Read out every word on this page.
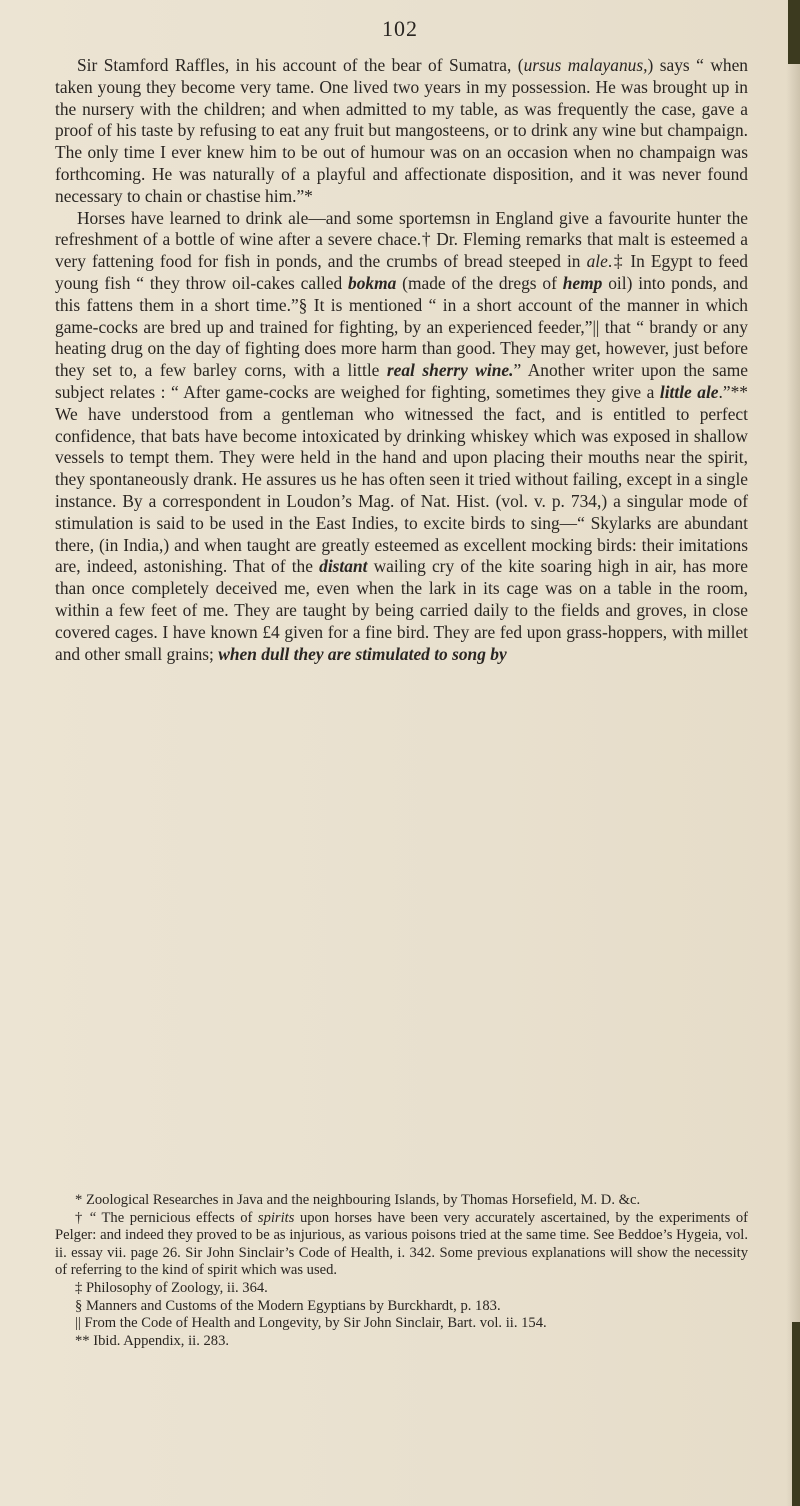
102

Sir Stamford Raffles, in his account of the bear of Sumatra, (ursus malayanus,) says “ when taken young they become very tame. One lived two years in my possession. He was brought up in the nursery with the children; and when admitted to my table, as was frequently the case, gave a proof of his taste by refusing to eat any fruit but mangosteens, or to drink any wine but champaign. The only time I ever knew him to be out of humour was on an occasion when no champaign was forthcoming. He was naturally of a playful and affectionate disposition, and it was never found necessary to chain or chastise him.”*

Horses have learned to drink ale—and some sportemsn in England give a favourite hunter the refreshment of a bottle of wine after a severe chace.† Dr. Fleming remarks that malt is esteemed a very fattening food for fish in ponds, and the crumbs of bread steeped in ale.‡ In Egypt to feed young fish “ they throw oil-cakes called bokma (made of the dregs of hemp oil) into ponds, and this fattens them in a short time.”§ It is mentioned “ in a short account of the manner in which game-cocks are bred up and trained for fighting, by an experienced feeder,”|| that “ brandy or any heating drug on the day of fighting does more harm than good. They may get, however, just before they set to, a few barley corns, with a little real sherry wine.” Another writer upon the same subject relates : “ After game-cocks are weighed for fighting, sometimes they give a little ale.”** We have understood from a gentleman who witnessed the fact, and is entitled to perfect confidence, that bats have become intoxicated by drinking whiskey which was exposed in shallow vessels to tempt them. They were held in the hand and upon placing their mouths near the spirit, they spontaneously drank. He assures us he has often seen it tried without failing, except in a single instance. By a correspondent in Loudon’s Mag. of Nat. Hist. (vol. v. p. 734,) a singular mode of stimulation is said to be used in the East Indies, to excite birds to sing—“ Skylarks are abundant there, (in India,) and when taught are greatly esteemed as excellent mocking birds: their imitations are, indeed, astonishing. That of the distant wailing cry of the kite soaring high in air, has more than once completely deceived me, even when the lark in its cage was on a table in the room, within a few feet of me. They are taught by being carried daily to the fields and groves, in close covered cages. I have known £4 given for a fine bird. They are fed upon grass-hoppers, with millet and other small grains; when dull they are stimulated to song by

* Zoological Researches in Java and the neighbouring Islands, by Thomas Horsefield, M. D. &c.

† “ The pernicious effects of spirits upon horses have been very accurately ascertained, by the experiments of Pelger: and indeed they proved to be as injurious, as various poisons tried at the same time. See Beddoe’s Hygeia, vol. ii. essay vii. page 26. Sir John Sinclair’s Code of Health, i. 342. Some previous explanations will show the necessity of referring to the kind of spirit which was used.

‡ Philosophy of Zoology, ii. 364.

§ Manners and Customs of the Modern Egyptians by Burckhardt, p. 183.

|| From the Code of Health and Longevity, by Sir John Sinclair, Bart. vol. ii. 154.

** Ibid. Appendix, ii. 283.
